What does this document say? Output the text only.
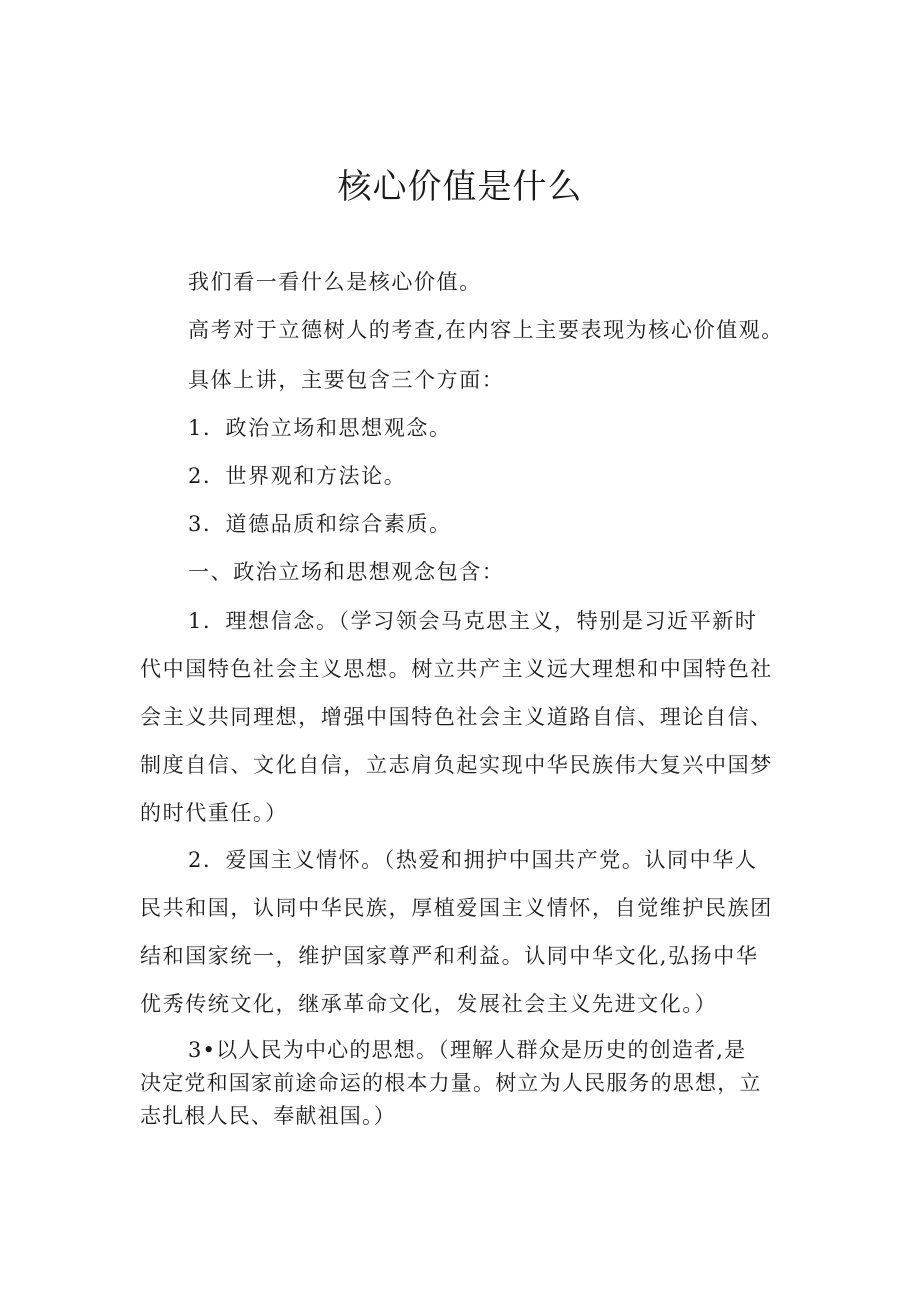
核心价值是什么

我们看一看什么是核心价值。

高考对于立德树人的考查,在内容上主要表现为核心价值观。

具体上讲，主要包含三个方面：

1．政治立场和思想观念。

2．世界观和方法论。

3．道德品质和综合素质。

一、政治立场和思想观念包含：

1．理想信念。（学习领会马克思主义，特别是习近平新时
代中国特色社会主义思想。树立共产主义远大理想和中国特色社
会主义共同理想，增强中国特色社会主义道路自信、理论自信、
制度自信、文化自信，立志肩负起实现中华民族伟大复兴中国梦
的时代重任。）
2．爱国主义情怀。（热爱和拥护中国共产党。认同中华人
民共和国，认同中华民族，厚植爱国主义情怀，自觉维护民族团
结和国家统一，维护国家尊严和利益。认同中华文化,弘扬中华
优秀传统文化，继承革命文化，发展社会主义先进文化。）
3•以人民为中心的思想。（理解人群众是历史的创造者,是
决定党和国家前途命运的根本力量。树立为人民服务的思想，立
志扎根人民、奉献祖国。）
